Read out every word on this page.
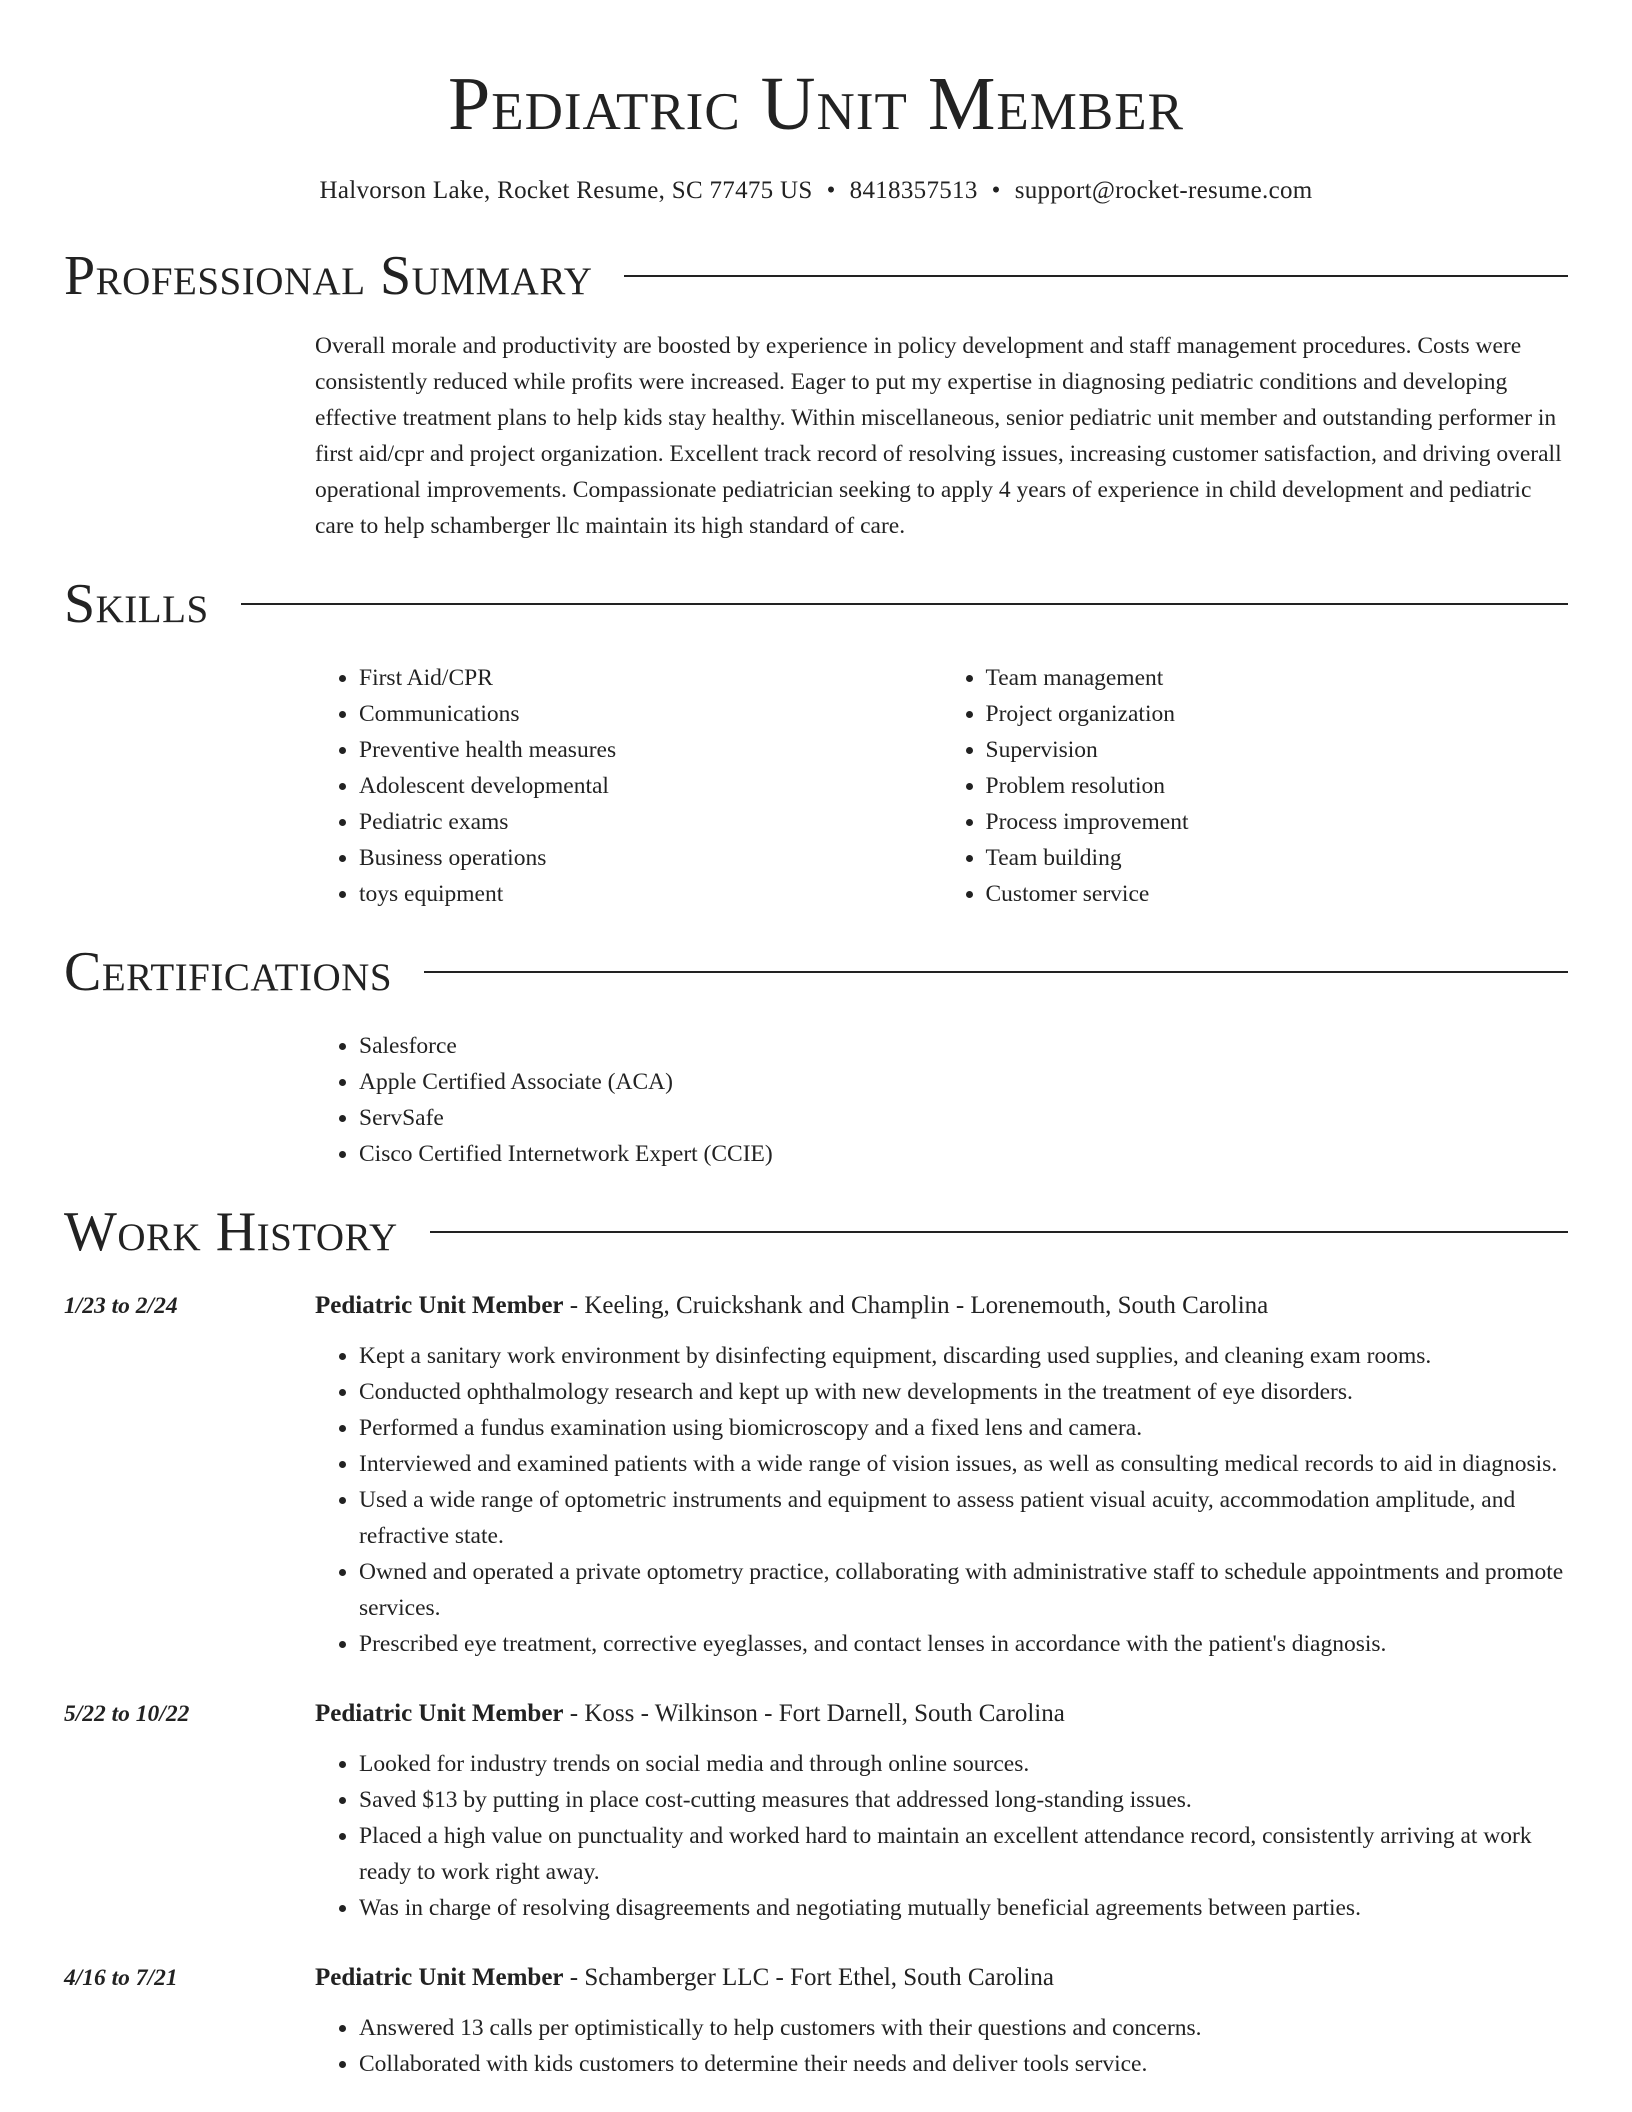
Pediatric Unit Member
Halvorson Lake, Rocket Resume, SC 77475 US • 8418357513 • support@rocket-resume.com
Professional Summary
Overall morale and productivity are boosted by experience in policy development and staff management procedures. Costs were consistently reduced while profits were increased. Eager to put my expertise in diagnosing pediatric conditions and developing effective treatment plans to help kids stay healthy. Within miscellaneous, senior pediatric unit member and outstanding performer in first aid/cpr and project organization. Excellent track record of resolving issues, increasing customer satisfaction, and driving overall operational improvements. Compassionate pediatrician seeking to apply 4 years of experience in child development and pediatric care to help schamberger llc maintain its high standard of care.
Skills
• First Aid/CPR
• Communications
• Preventive health measures
• Adolescent developmental
• Pediatric exams
• Business operations
• toys equipment
• Team management
• Project organization
• Supervision
• Problem resolution
• Process improvement
• Team building
• Customer service
Certifications
• Salesforce
• Apple Certified Associate (ACA)
• ServSafe
• Cisco Certified Internetwork Expert (CCIE)
Work History
1/23 to 2/24	Pediatric Unit Member - Keeling, Cruickshank and Champlin - Lorenemouth, South Carolina
• Kept a sanitary work environment by disinfecting equipment, discarding used supplies, and cleaning exam rooms.
• Conducted ophthalmology research and kept up with new developments in the treatment of eye disorders.
• Performed a fundus examination using biomicroscopy and a fixed lens and camera.
• Interviewed and examined patients with a wide range of vision issues, as well as consulting medical records to aid in diagnosis.
• Used a wide range of optometric instruments and equipment to assess patient visual acuity, accommodation amplitude, and refractive state.
• Owned and operated a private optometry practice, collaborating with administrative staff to schedule appointments and promote services.
• Prescribed eye treatment, corrective eyeglasses, and contact lenses in accordance with the patient's diagnosis.
5/22 to 10/22	Pediatric Unit Member - Koss - Wilkinson - Fort Darnell, South Carolina
• Looked for industry trends on social media and through online sources.
• Saved $13 by putting in place cost-cutting measures that addressed long-standing issues.
• Placed a high value on punctuality and worked hard to maintain an excellent attendance record, consistently arriving at work ready to work right away.
• Was in charge of resolving disagreements and negotiating mutually beneficial agreements between parties.
4/16 to 7/21	Pediatric Unit Member - Schamberger LLC - Fort Ethel, South Carolina
• Answered 13 calls per optimistically to help customers with their questions and concerns.
• Collaborated with kids customers to determine their needs and deliver tools service.
